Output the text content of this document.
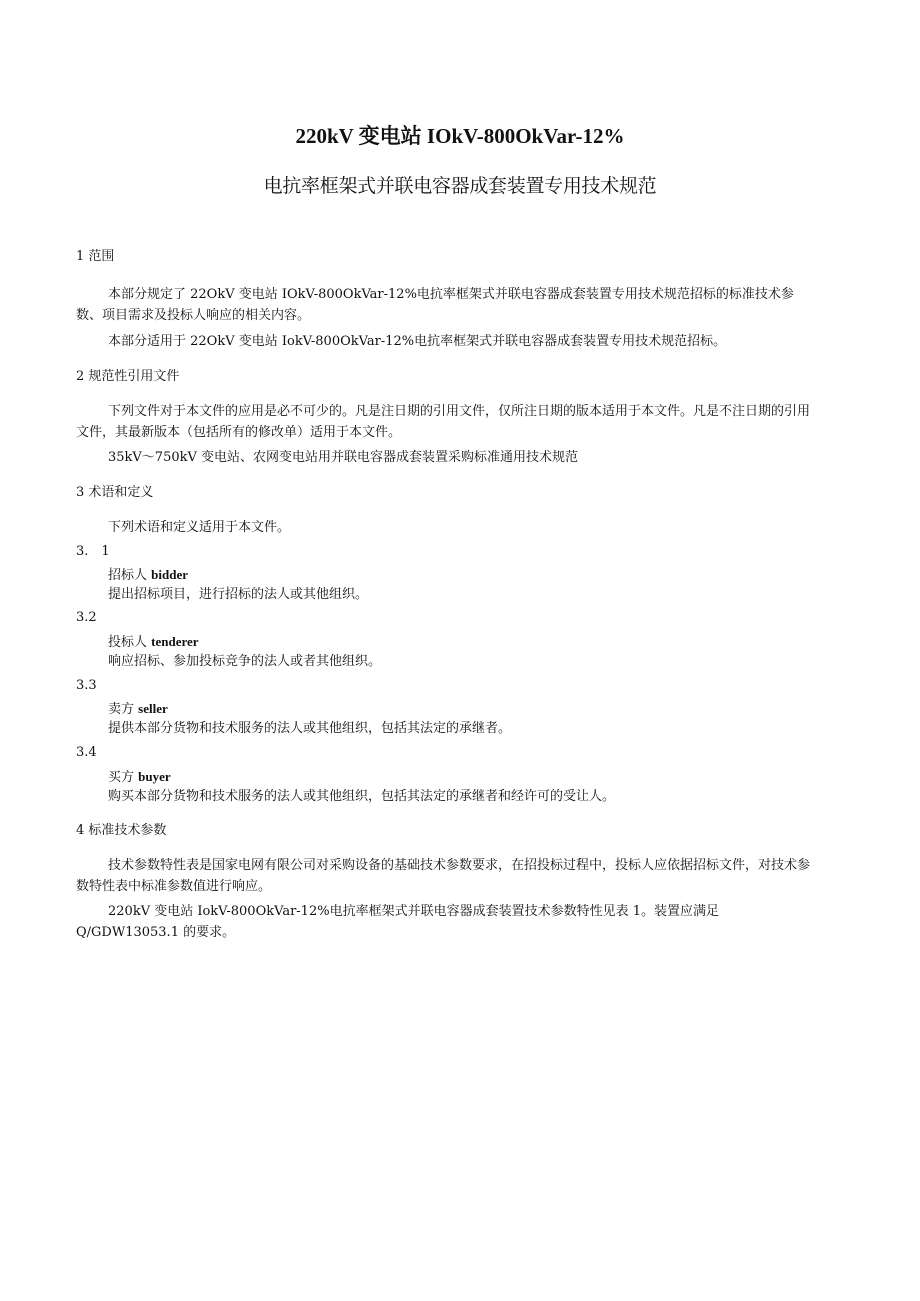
220kV 变电站 IOkV-800OkVar-12%
电抗率框架式并联电容器成套装置专用技术规范
1 范围
本部分规定了 22OkV 变电站 IOkV-800OkVar-12%电抗率框架式并联电容器成套装置专用技术规范招标的标准技术参数、项目需求及投标人响应的相关内容。
本部分适用于 22OkV 变电站 IokV-800OkVar-12%电抗率框架式并联电容器成套装置专用技术规范招标。
2 规范性引用文件
下列文件对于本文件的应用是必不可少的。凡是注日期的引用文件，仅所注日期的版本适用于本文件。凡是不注日期的引用文件，其最新版本（包括所有的修改单）适用于本文件。
35kV～750kV 变电站、农网变电站用并联电容器成套装置采购标准通用技术规范
3 术语和定义
下列术语和定义适用于本文件。
3.　1
招标人 bidder
提出招标项目，进行招标的法人或其他组织。
3.2
投标人 tenderer
响应招标、参加投标竞争的法人或者其他组织。
3.3
卖方 seller
提供本部分货物和技术服务的法人或其他组织，包括其法定的承继者。
3.4
买方 buyer
购买本部分货物和技术服务的法人或其他组织，包括其法定的承继者和经许可的受让人。
4 标准技术参数
技术参数特性表是国家电网有限公司对采购设备的基础技术参数要求，在招投标过程中，投标人应依据招标文件，对技术参数特性表中标准参数值进行响应。
220kV 变电站 IokV-800OkVar-12%电抗率框架式并联电容器成套装置技术参数特性见表 1。装置应满足 Q/GDW13053.1 的要求。
